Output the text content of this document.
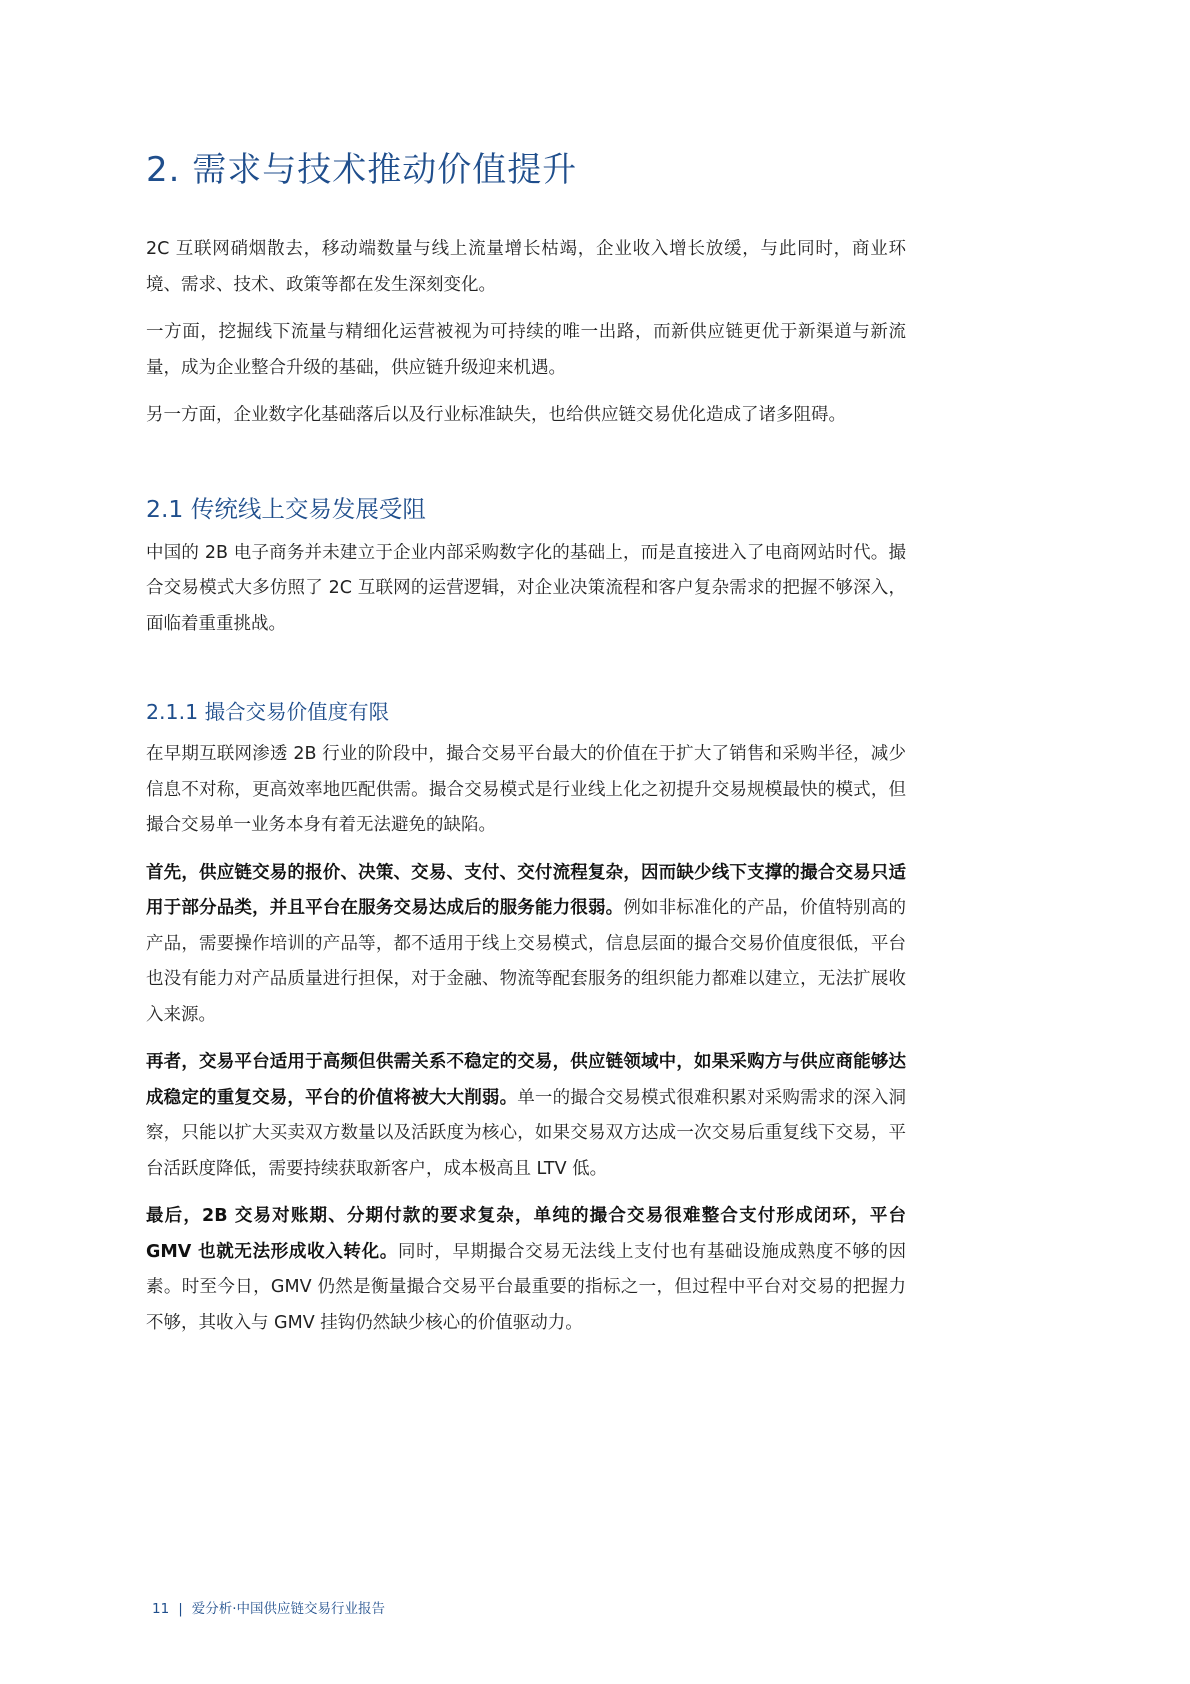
2. 需求与技术推动价值提升

2C 互联网硝烟散去，移动端数量与线上流量增长枯竭，企业收入增长放缓，与此同时，商业环境、需求、技术、政策等都在发生深刻变化。

一方面，挖掘线下流量与精细化运营被视为可持续的唯一出路，而新供应链更优于新渠道与新流量，成为企业整合升级的基础，供应链升级迎来机遇。

另一方面，企业数字化基础落后以及行业标准缺失，也给供应链交易优化造成了诸多阻碍。

2.1 传统线上交易发展受阻

中国的 2B 电子商务并未建立于企业内部采购数字化的基础上，而是直接进入了电商网站时代。撮合交易模式大多仿照了 2C 互联网的运营逻辑，对企业决策流程和客户复杂需求的把握不够深入，面临着重重挑战。

2.1.1 撮合交易价值度有限

在早期互联网渗透 2B 行业的阶段中，撮合交易平台最大的价值在于扩大了销售和采购半径，减少信息不对称，更高效率地匹配供需。撮合交易模式是行业线上化之初提升交易规模最快的模式，但撮合交易单一业务本身有着无法避免的缺陷。

首先，供应链交易的报价、决策、交易、支付、交付流程复杂，因而缺少线下支撑的撮合交易只适用于部分品类，并且平台在服务交易达成后的服务能力很弱。例如非标准化的产品，价值特别高的产品，需要操作培训的产品等，都不适用于线上交易模式，信息层面的撮合交易价值度很低，平台也没有能力对产品质量进行担保，对于金融、物流等配套服务的组织能力都难以建立，无法扩展收入来源。

再者，交易平台适用于高频但供需关系不稳定的交易，供应链领域中，如果采购方与供应商能够达成稳定的重复交易，平台的价值将被大大削弱。单一的撮合交易模式很难积累对采购需求的深入洞察，只能以扩大买卖双方数量以及活跃度为核心，如果交易双方达成一次交易后重复线下交易，平台活跃度降低，需要持续获取新客户，成本极高且 LTV 低。

最后，2B 交易对账期、分期付款的要求复杂，单纯的撮合交易很难整合支付形成闭环，平台 GMV 也就无法形成收入转化。同时，早期撮合交易无法线上支付也有基础设施成熟度不够的因素。时至今日，GMV 仍然是衡量撮合交易平台最重要的指标之一，但过程中平台对交易的把握力不够，其收入与 GMV 挂钩仍然缺少核心的价值驱动力。

11 | 爱分析·中国供应链交易行业报告
